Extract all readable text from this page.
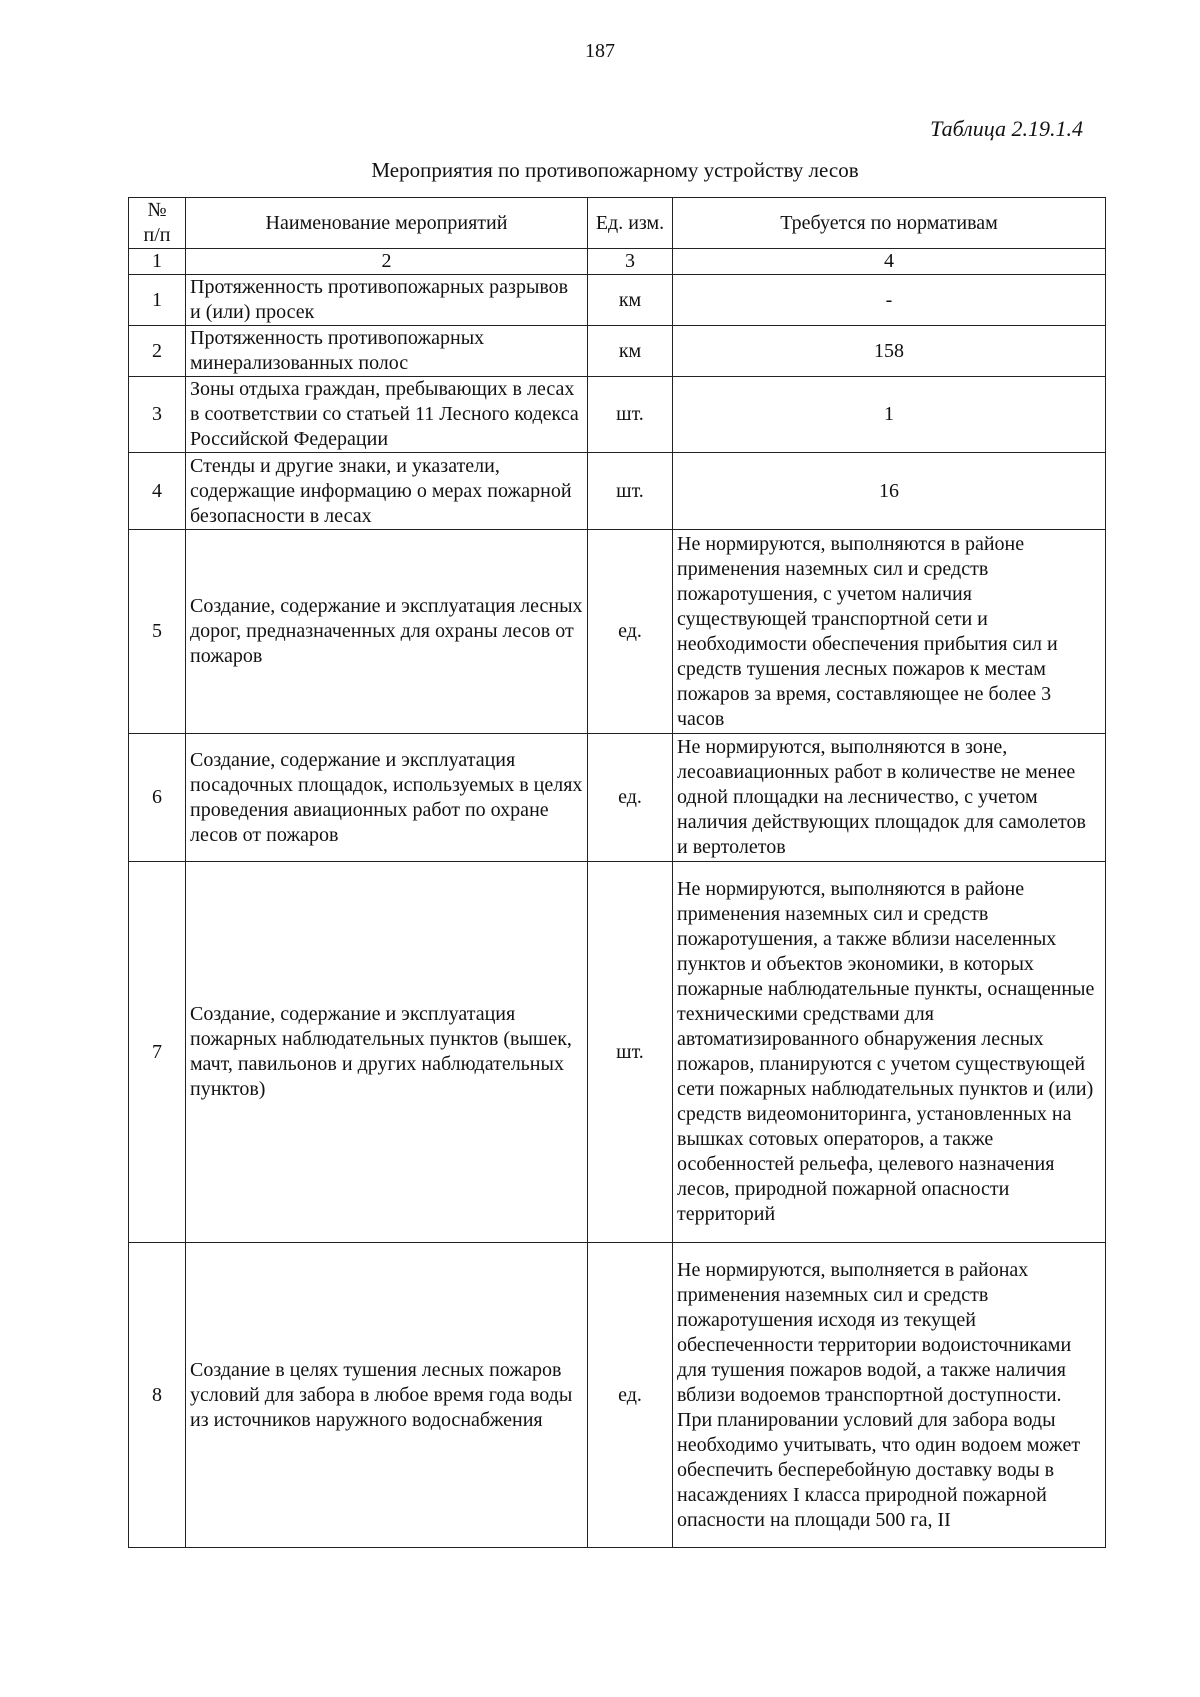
187
Таблица 2.19.1.4
Мероприятия по противопожарному устройству лесов
№
п/п	Наименование мероприятий	Ед. изм.	Требуется по нормативам
1	2	3	4
1	Протяженность противопожарных разрывов и (или) просек	км	-
2	Протяженность противопожарных минерализованных полос	км	158
3	Зоны отдыха граждан, пребывающих в лесах в соответствии со статьей 11 Лесного кодекса Российской Федерации	шт.	1
4	Стенды и другие знаки, и указатели, содержащие информацию о мерах пожарной безопасности в лесах	шт.	16
5	Создание, содержание и эксплуатация лесных дорог, предназначенных для охраны лесов от пожаров	ед.	Не нормируются, выполняются в районе применения наземных сил и средств пожаротушения, с учетом наличия существующей транспортной сети и необходимости обеспечения прибытия сил и средств тушения лесных пожаров к местам пожаров за время, составляющее не более 3 часов
6	Создание, содержание и эксплуатация посадочных площадок, используемых в целях проведения авиационных работ по охране лесов от пожаров	ед.	Не нормируются, выполняются в зоне, лесоавиационных работ в количестве не менее одной площадки на лесничество, с учетом наличия действующих площадок для самолетов и вертолетов
7	Создание, содержание и эксплуатация пожарных наблюдательных пунктов (вышек, мачт, павильонов и других наблюдательных пунктов)	шт.	Не нормируются, выполняются в районе применения наземных сил и средств пожаротушения, а также вблизи населенных пунктов и объектов экономики, в которых пожарные наблюдательные пункты, оснащенные техническими средствами для автоматизированного обнаружения лесных пожаров, планируются с учетом существующей сети пожарных наблюдательных пунктов и (или) средств видеомониторинга, установленных на вышках сотовых операторов, а также особенностей рельефа, целевого назначения лесов, природной пожарной опасности территорий
8	Создание в целях тушения лесных пожаров условий для забора в любое время года воды из источников наружного водоснабжения	ед.	Не нормируются, выполняется в районах применения наземных сил и средств пожаротушения исходя из текущей обеспеченности территории водоисточниками для тушения пожаров водой, а также наличия вблизи водоемов транспортной доступности. При планировании условий для забора воды необходимо учитывать, что один водоем может обеспечить бесперебойную доставку воды в насаждениях I класса природной пожарной опасности на площади 500 га, II
